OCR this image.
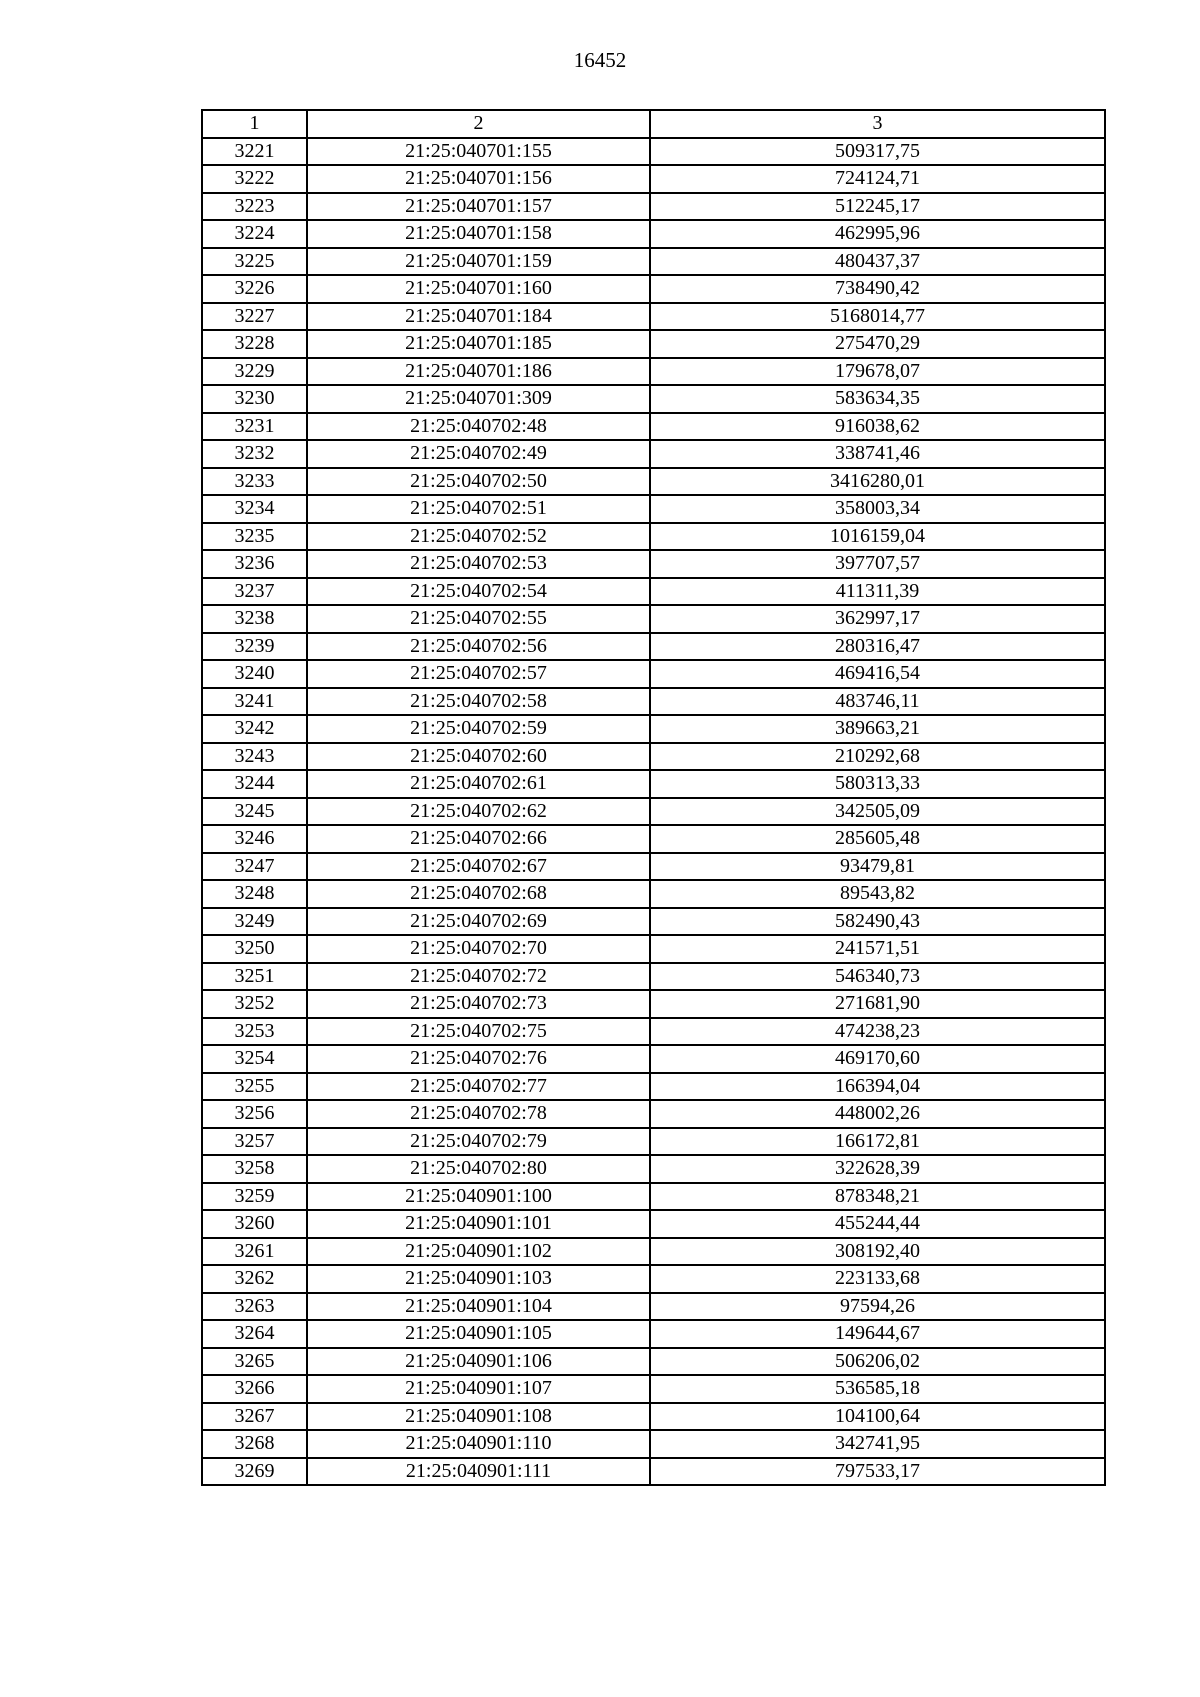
16452
1	2	3
3221	21:25:040701:155	509317,75
3222	21:25:040701:156	724124,71
3223	21:25:040701:157	512245,17
3224	21:25:040701:158	462995,96
3225	21:25:040701:159	480437,37
3226	21:25:040701:160	738490,42
3227	21:25:040701:184	5168014,77
3228	21:25:040701:185	275470,29
3229	21:25:040701:186	179678,07
3230	21:25:040701:309	583634,35
3231	21:25:040702:48	916038,62
3232	21:25:040702:49	338741,46
3233	21:25:040702:50	3416280,01
3234	21:25:040702:51	358003,34
3235	21:25:040702:52	1016159,04
3236	21:25:040702:53	397707,57
3237	21:25:040702:54	411311,39
3238	21:25:040702:55	362997,17
3239	21:25:040702:56	280316,47
3240	21:25:040702:57	469416,54
3241	21:25:040702:58	483746,11
3242	21:25:040702:59	389663,21
3243	21:25:040702:60	210292,68
3244	21:25:040702:61	580313,33
3245	21:25:040702:62	342505,09
3246	21:25:040702:66	285605,48
3247	21:25:040702:67	93479,81
3248	21:25:040702:68	89543,82
3249	21:25:040702:69	582490,43
3250	21:25:040702:70	241571,51
3251	21:25:040702:72	546340,73
3252	21:25:040702:73	271681,90
3253	21:25:040702:75	474238,23
3254	21:25:040702:76	469170,60
3255	21:25:040702:77	166394,04
3256	21:25:040702:78	448002,26
3257	21:25:040702:79	166172,81
3258	21:25:040702:80	322628,39
3259	21:25:040901:100	878348,21
3260	21:25:040901:101	455244,44
3261	21:25:040901:102	308192,40
3262	21:25:040901:103	223133,68
3263	21:25:040901:104	97594,26
3264	21:25:040901:105	149644,67
3265	21:25:040901:106	506206,02
3266	21:25:040901:107	536585,18
3267	21:25:040901:108	104100,64
3268	21:25:040901:110	342741,95
3269	21:25:040901:111	797533,17
